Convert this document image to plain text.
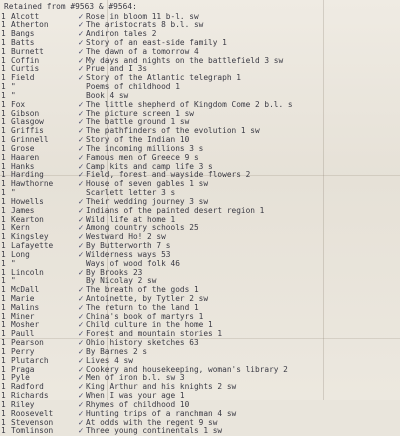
Retained from #9563 & #9564:
1 Alcott	✓ Rose in bloom 11 b-l. sw
1 Atherton	✓ The aristocrats 8 b.l. sw
1 Bangs	✓ Andiron tales 2
1 Batts	✓ Story of an east-side family 1
1 Burnett	✓ The dawn of a tomorrow 4
1 Coffin	✓ My days and nights on the battlefield 3 sw
1 Curtis	✓ Prue and I 3s
1 Field	✓ Story of the Atlantic telegraph 1
1 "	Poems of childhood 1
1 "	Book 4 sw
1 Fox	✓ The little shepherd of Kingdom Come 2 b.l. s
1 Gibson	✓ The picture screen 1 sw
1 Glasgow	✓ The battle ground 1 sw
1 Griffis	✓ The pathfinders of the evolution 1 sw
1 Grinnell	✓ Story of the Indian 10
1 Grose	✓ The incoming millions 3 s
1 Haaren	✓ Famous men of Greece 9 s
1 Hanks	✓ Camp kits and camp life 3 s
1 Harding	✓ Field, forest and wayside flowers 2
1 Hawthorne	✓ House of seven gables 1 sw
1 "	Scarlett letter 3 s
1 Howells	✓ Their wedding journey 3 sw
1 James	✓ Indians of the painted desert region 1
1 Kearton	✓ Wild life at home 1
1 Kern	✓ Among country schools 25
1 Kingsley	✓ Westward Ho! 2 sw
1 Lafayette	✓ By Butterworth 7 s
1 Long	✓ Wilderness ways 53
1 "	Ways of wood folk 46
1 Lincoln	✓ By Brooks 23
1 "	By Nicolay 2 sw
1 McDall	✓ The breath of the gods 1
1 Marie	✓ Antoinette, by Tytler 2 sw
1 Malins	✓ The return to the land 1
1 Miner	✓ China's book of martyrs 1
1 Mosher	✓ Child culture in the home 1
1 Paull	✓ Forest and mountain stories 1
1 Pearson	✓ Ohio history sketches 63
1 Perry	✓ By Barnes 2 s
1 Plutarch	✓ Lives 4 sw
1 Praga	✓ Cookery and housekeeping, woman's library 2
1 Pyle	✓ Men of iron b.l. sw 3
1 Radford	✓ King Arthur and his knights 2 sw
1 Richards	✓ When I was your age 1
1 Riley	✓ Rhymes of childhood 10
1 Roosevelt	✓ Hunting trips of a ranchman 4 sw
1 Stevenson	✓ At odds with the regent 9 sw
1 Tomlinson	✓ Three young continentals 1 sw
